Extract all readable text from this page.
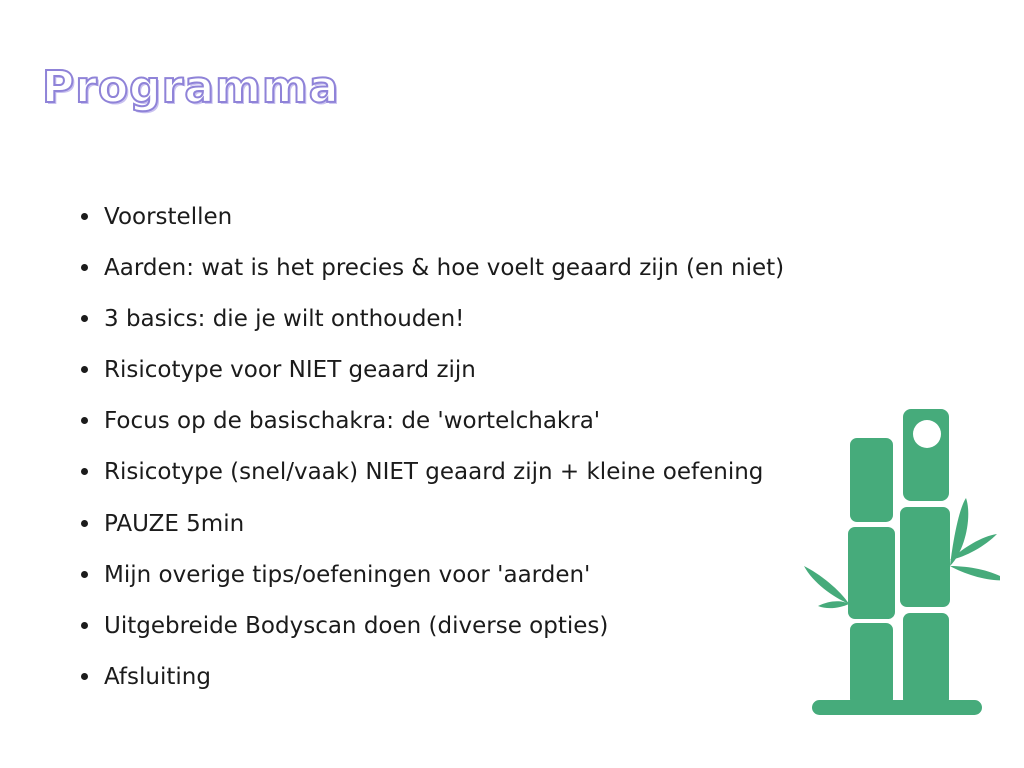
Programma
Voorstellen
Aarden: wat is het precies & hoe voelt geaard zijn (en niet)
3 basics: die je wilt onthouden!
Risicotype voor NIET geaard zijn
Focus op de basischakra: de 'wortelchakra'
Risicotype (snel/vaak) NIET geaard zijn + kleine oefening
PAUZE 5min
Mijn overige tips/oefeningen voor 'aarden'
Uitgebreide Bodyscan doen (diverse opties)
Afsluiting
